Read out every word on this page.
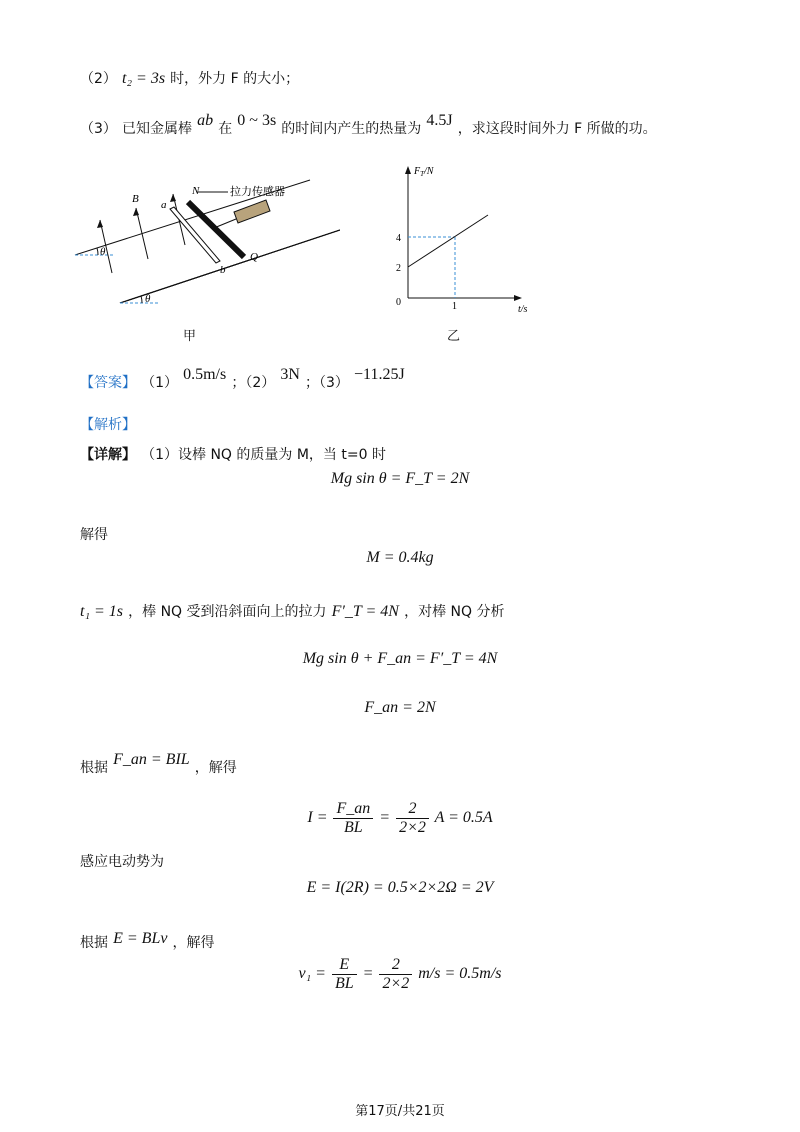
（2） t₂ = 3s 时，外力 F 的大小；
（3） 已知金属棒 ab 在 0 ~ 3s 的时间内产生的热量为 4.5J ，求这段时间外力 F 所做的功。
θ
θ
B a
b
N
Q
拉力传感器
甲
$F_T/N$
t/s
0
4
2
1
乙
【答案】 （1） 0.5m/s ；（2） 3N ；（3） −11.25J
【解析】
【详解】 （1）设棒 NQ 的质量为 M，当 t=0 时
Mg sin θ = F_T = 2N
解得
M = 0.4kg
t₁ = 1s ，棒 NQ 受到沿斜面向上的拉力 F′_T = 4N ，对棒 NQ 分析
Mg sin θ + F_an = F′_T = 4N
F_an = 2N
根据 F_an = BIL ，解得
$I = \frac{F\_an}{BL} = \frac{2}{2\times 2}$ A = 0.5A
感应电动势为
E = I(2R) = 0.5×2×2Ω = 2V
根据 E = BLv ，解得
$v_1 = \frac{E}{BL} = \frac{2}{2\times 2} m/s = 0.5m/s$
第17页/共21页
